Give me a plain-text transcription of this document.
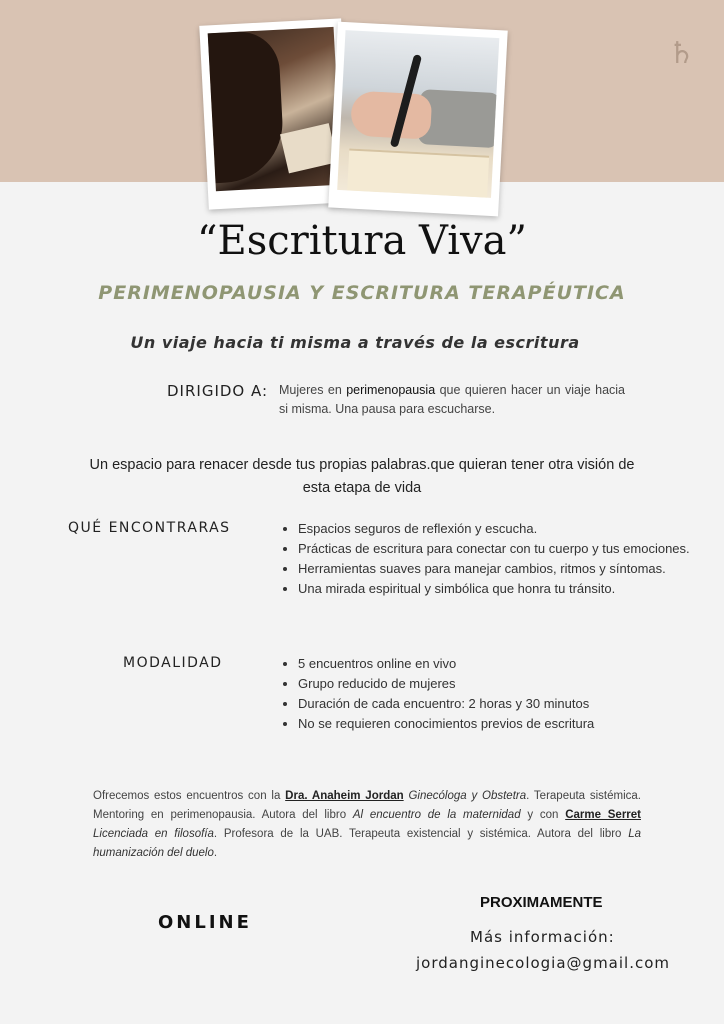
♄
“Escritura Viva”
PERIMENOPAUSIA Y ESCRITURA TERAPÉUTICA
Un viaje hacia ti misma a través de la escritura
DIRIGIDO A: Mujeres en perimenopausia que quieren hacer un viaje hacia si misma. Una pausa para escucharse.
Un espacio para renacer desde tus propias palabras.que quieran tener otra visión de esta etapa de vida
QUÉ ENCONTRARAS	• Espacios seguros de reflexión y escucha.
• Prácticas de escritura para conectar con tu cuerpo y tus emociones.
• Herramientas suaves para manejar cambios, ritmos y síntomas.
• Una mirada espiritual y simbólica que honra tu tránsito.
MODALIDAD	• 5 encuentros online en vivo
• Grupo reducido de mujeres
• Duración de cada encuentro: 2 horas y 30 minutos
• No se requieren conocimientos previos de escritura
Ofrecemos estos encuentros con la Dra. Anaheim Jordan Ginecóloga y Obstetra. Terapeuta sistémica. Mentoring en perimenopausia. Autora del libro Al encuentro de la maternidad y con Carme Serret Licenciada en filosofía. Profesora de la UAB. Terapeuta existencial y sistémica. Autora del libro La humanización del duelo.
ONLINE
PROXIMAMENTE
Más información:
jordanginecologia@gmail.com
